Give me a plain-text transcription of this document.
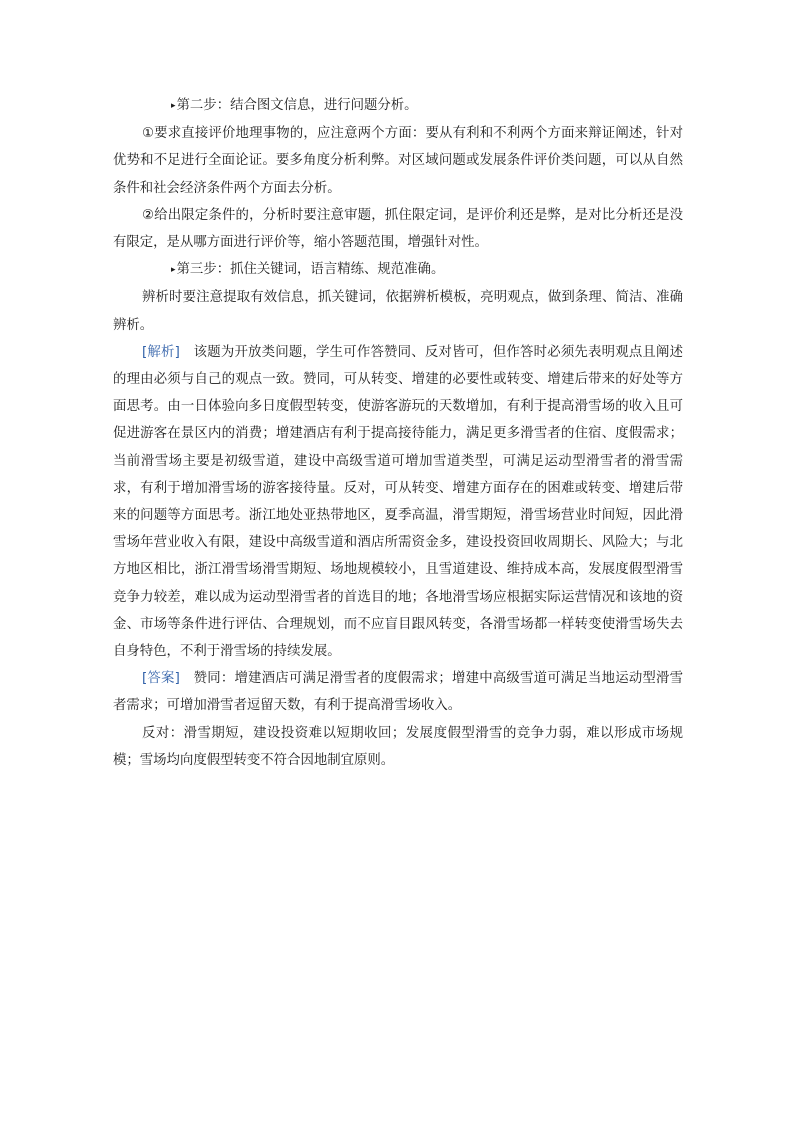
▸第二步：结合图文信息，进行问题分析。

①要求直接评价地理事物的，应注意两个方面：要从有利和不利两个方面来辩证阐述，针对优势和不足进行全面论证。要多角度分析利弊。对区域问题或发展条件评价类问题，可以从自然条件和社会经济条件两个方面去分析。

②给出限定条件的，分析时要注意审题，抓住限定词，是评价利还是弊，是对比分析还是没有限定，是从哪方面进行评价等，缩小答题范围，增强针对性。

▸第三步：抓住关键词，语言精练、规范准确。

辨析时要注意提取有效信息，抓关键词，依据辨析模板，亮明观点，做到条理、简洁、准确辨析。

[解析]　该题为开放类问题，学生可作答赞同、反对皆可，但作答时必须先表明观点且阐述的理由必须与自己的观点一致。赞同，可从转变、增建的必要性或转变、增建后带来的好处等方面思考。由一日体验向多日度假型转变，使游客游玩的天数增加，有利于提高滑雪场的收入且可促进游客在景区内的消费；增建酒店有利于提高接待能力，满足更多滑雪者的住宿、度假需求；当前滑雪场主要是初级雪道，建设中高级雪道可增加雪道类型，可满足运动型滑雪者的滑雪需求，有利于增加滑雪场的游客接待量。反对，可从转变、增建方面存在的困难或转变、增建后带来的问题等方面思考。浙江地处亚热带地区，夏季高温，滑雪期短，滑雪场营业时间短，因此滑雪场年营业收入有限，建设中高级雪道和酒店所需资金多，建设投资回收周期长、风险大；与北方地区相比，浙江滑雪场滑雪期短、场地规模较小，且雪道建设、维持成本高，发展度假型滑雪竞争力较差，难以成为运动型滑雪者的首选目的地；各地滑雪场应根据实际运营情况和该地的资金、市场等条件进行评估、合理规划，而不应盲目跟风转变，各滑雪场都一样转变使滑雪场失去自身特色，不利于滑雪场的持续发展。

[答案]　赞同：增建酒店可满足滑雪者的度假需求；增建中高级雪道可满足当地运动型滑雪者需求；可增加滑雪者逗留天数，有利于提高滑雪场收入。

反对：滑雪期短，建设投资难以短期收回；发展度假型滑雪的竞争力弱，难以形成市场规模；雪场均向度假型转变不符合因地制宜原则。
